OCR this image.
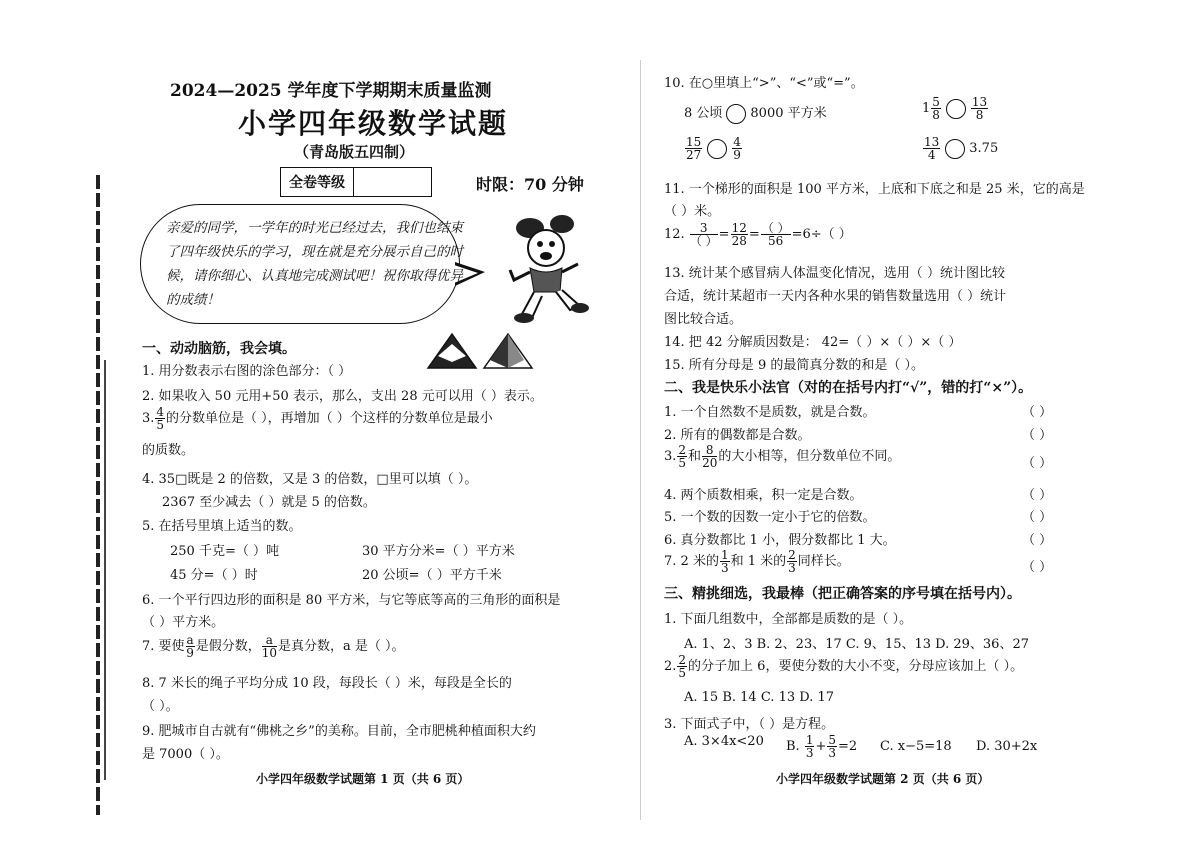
2024—2025 学年度下学期期末质量监测
小学四年级数学试题
（青岛版五四制）
全卷等级	时限：70 分钟
亲爱的同学，一学年的时光已经过去，我们也结束了四年级快乐的学习，现在就是充分展示自己的时候，请你细心、认真地完成测试吧！祝你取得优异的成绩！
一、动动脑筋，我会填。
1. 用分数表示右图的涂色部分：（ ）
2. 如果收入 50 元用+50 表示，那么，支出 28 元可以用（ ）表示。
3. $\frac{4}{5}$ 的分数单位是（ ），再增加（ ）个这样的分数单位是最小
的质数。
4. 35□既是 2 的倍数，又是 3 的倍数，□里可以填（ ）。
2367 至少减去（ ）就是 5 的倍数。
5. 在括号里填上适当的数。
250 千克=（ ）吨	30 平方分米=（ ）平方米
45 分=（ ）时	20 公顷=（ ）平方千米
6. 一个平行四边形的面积是 80 平方米，与它等底等高的三角形的面积是
（ ）平方米。
7. 要使 $\frac{a}{9}$ 是假分数， $\frac{a}{10}$ 是真分数，a 是（ ）。
8. 7 米长的绳子平均分成 10 段，每段长（ ）米，每段是全长的
（ ）。
9. 肥城市自古就有“佛桃之乡”的美称。目前，全市肥桃种植面积大约
是 7000（ ）。
小学四年级数学试题第 1 页（共 6 页）
10. 在○里填上“>”、“<”或“=”。
8 公顷 8000 平方米	$1 \frac{5}{8}$	$\frac{13}{8}$
$\frac{15}{27}$	$\frac{4}{9}$	$\frac{13}{4} 3.75$
11. 一个梯形的面积是 100 平方米，上底和下底之和是 25 米，它的高是
（ ）米。
12. $\frac{3}{( )} = \frac{12}{28} = \frac{( )}{56} =6\div$（ ）
13. 统计某个感冒病人体温变化情况，选用（ ）统计图比较
合适，统计某超市一天内各种水果的销售数量选用（ ）统计
图比较合适。
14. 把 42 分解质因数是： 42=（ ）×（ ）×（ ）
15. 所有分母是 9 的最简真分数的和是（ ）。
二、我是快乐小法官（对的在括号内打“√”，错的打“×”）。
1. 一个自然数不是质数，就是合数。	（ ）
2. 所有的偶数都是合数。	（ ）
3. $\frac{2}{5}$ 和 $\frac{8}{20}$ 的大小相等，但分数单位不同。	（ ）
4. 两个质数相乘，积一定是合数。	（ ）
5. 一个数的因数一定小于它的倍数。	（ ）
6. 真分数都比 1 小，假分数都比 1 大。	（ ）
7. 2 米的 $\frac{1}{3}$ 和 1 米的 $\frac{2}{3}$ 同样长。	（ ）
三、精挑细选，我最棒（把正确答案的序号填在括号内）。
1. 下面几组数中，全部都是质数的是（ ）。
A. 1、2、3 B. 2、23、17 C. 9、15、13 D. 29、36、27
2. $\frac{2}{5}$ 的分子加上 6，要使分数的大小不变，分母应该加上（ ）。
A. 15 B. 14 C. 13 D. 17
3. 下面式子中，（ ）是方程。
A. 3×4x<20 B. $\frac{1}{3} + \frac{5}{3} =2$ C. x−5=18 D. 30+2x
小学四年级数学试题第 2 页（共 6 页）
